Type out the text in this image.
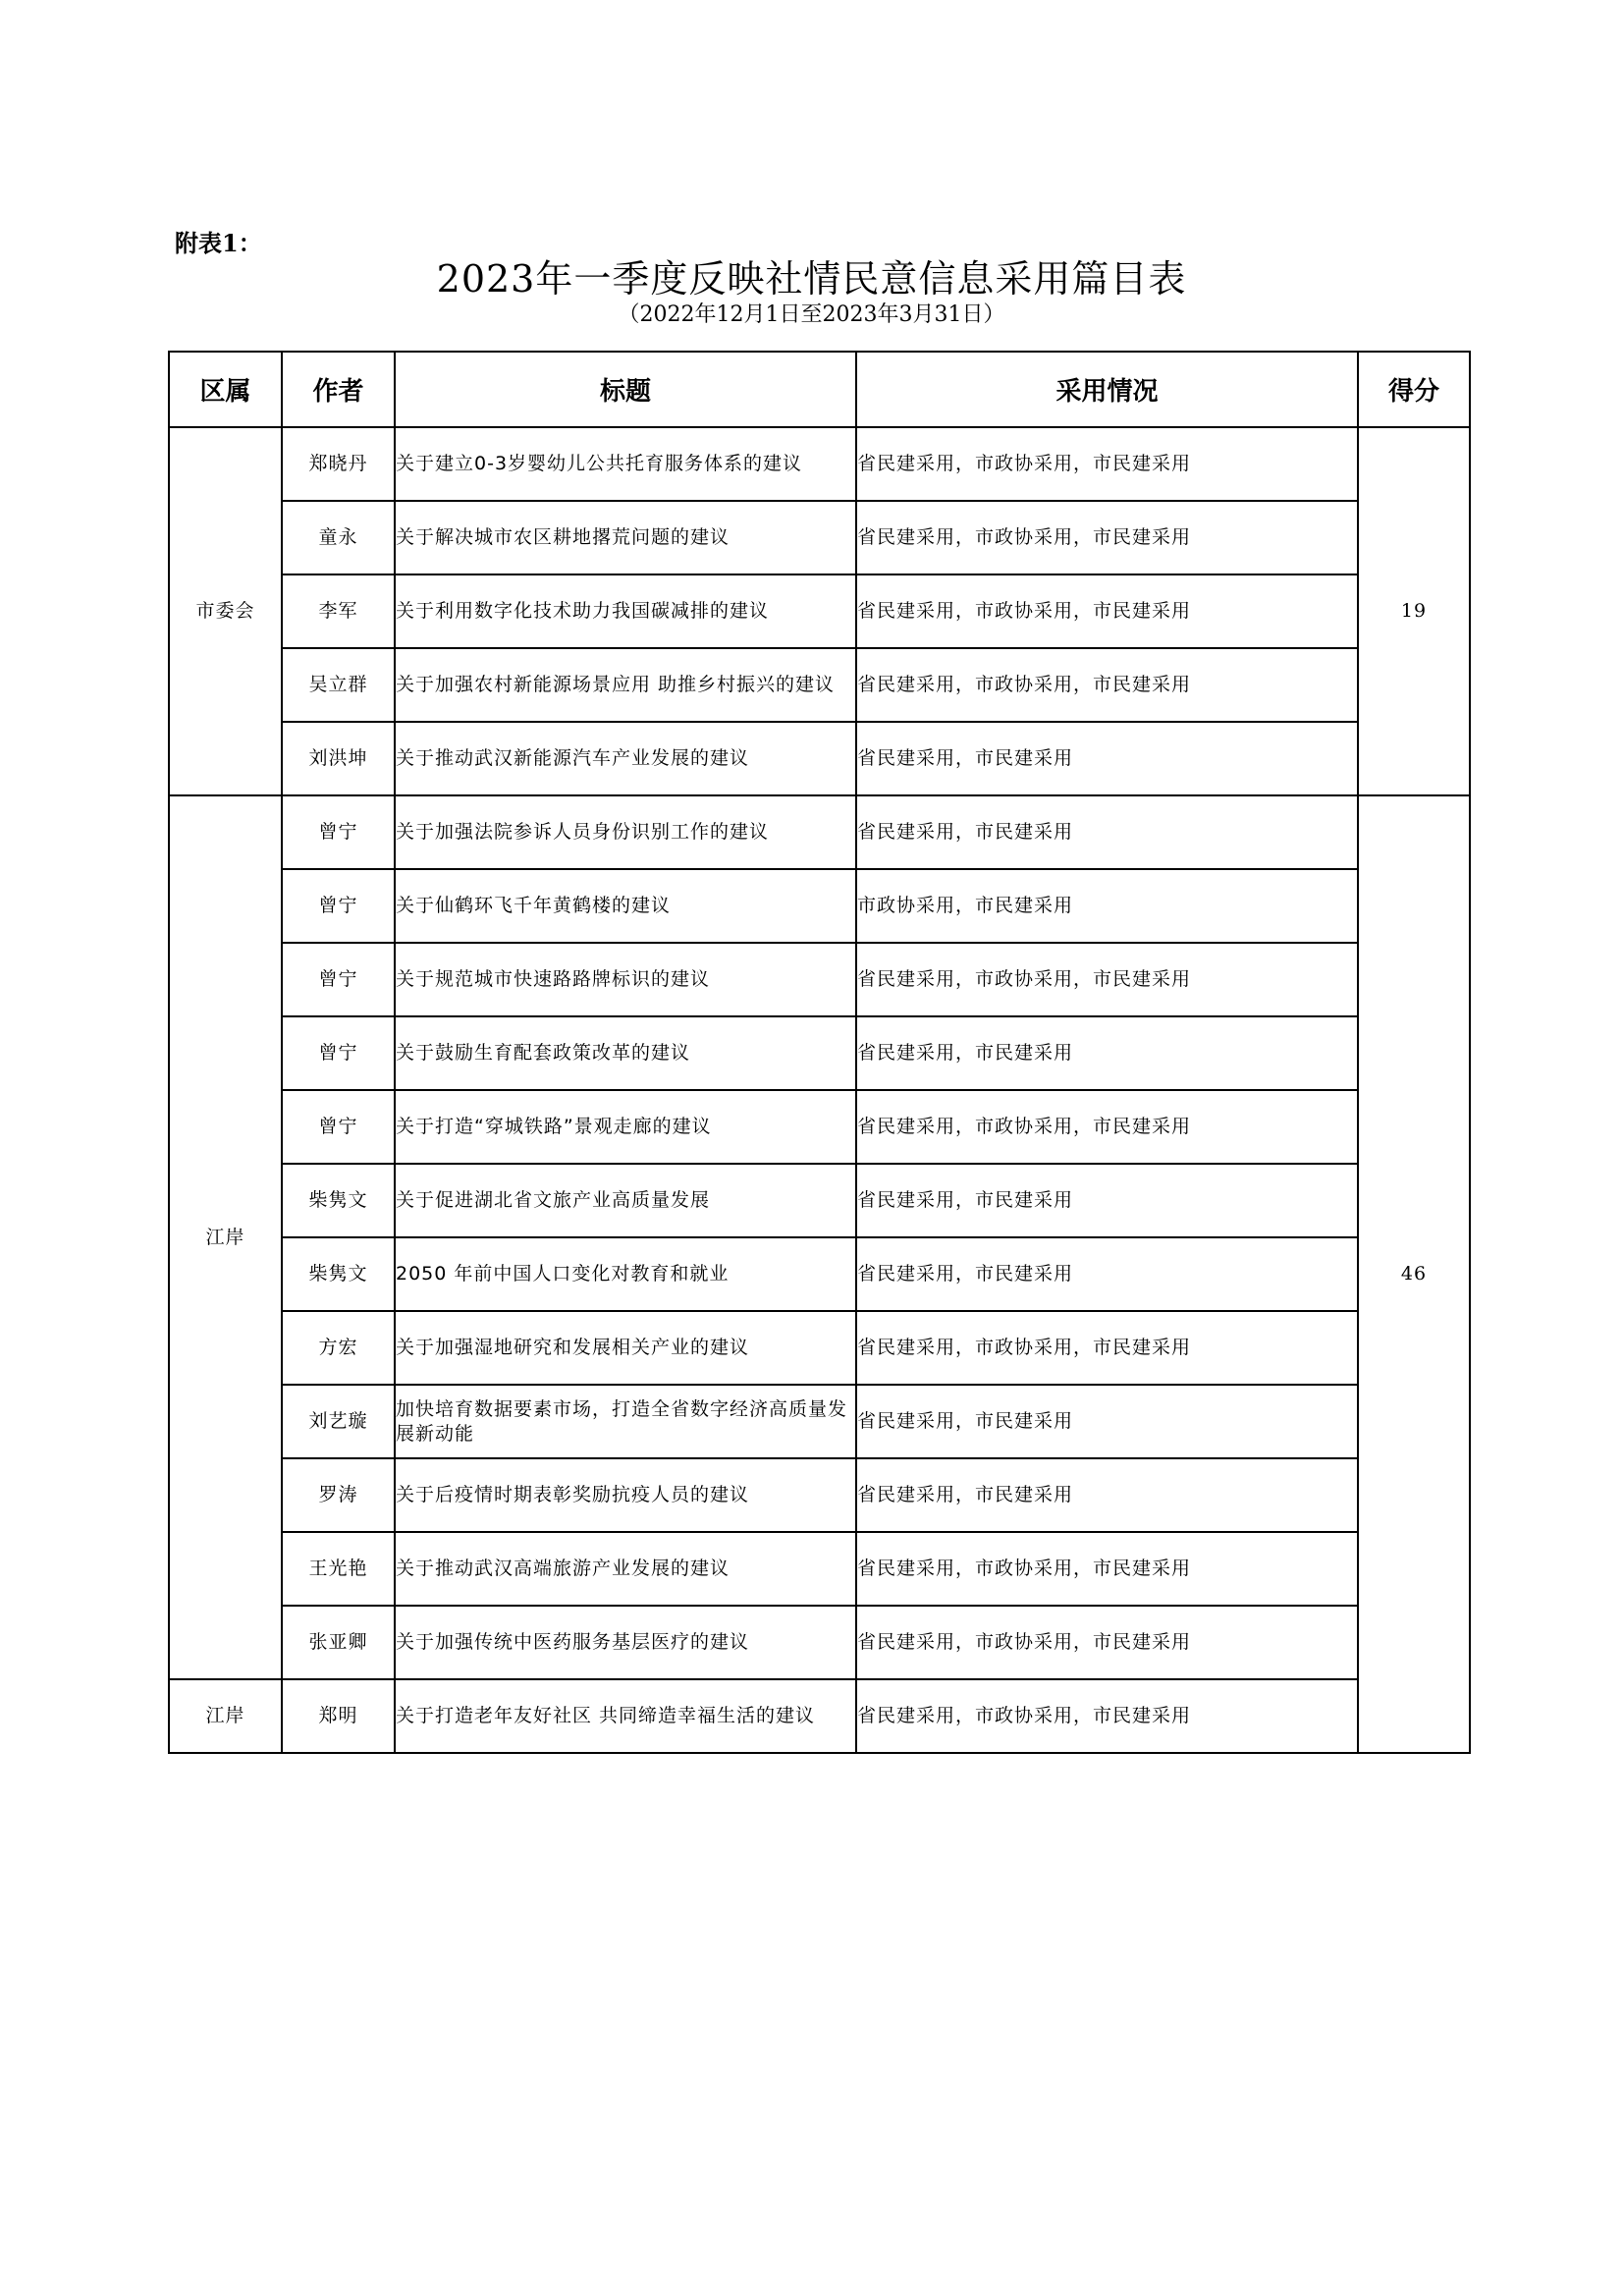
附表1：
2023年一季度反映社情民意信息采用篇目表
（2022年12月1日至2023年3月31日）
区属	作者	标题	采用情况	得分
市委会	郑晓丹	关于建立0-3岁婴幼儿公共托育服务体系的建议	省民建采用，市政协采用，市民建采用	19
	童永	关于解决城市农区耕地撂荒问题的建议	省民建采用，市政协采用，市民建采用	
	李军	关于利用数字化技术助力我国碳减排的建议	省民建采用，市政协采用，市民建采用	
	吴立群	关于加强农村新能源场景应用 助推乡村振兴的建议	省民建采用，市政协采用，市民建采用	
	刘洪坤	关于推动武汉新能源汽车产业发展的建议	省民建采用，市民建采用	
江岸	曾宁	关于加强法院参诉人员身份识别工作的建议	省民建采用，市民建采用	46
	曾宁	关于仙鹤环飞千年黄鹤楼的建议	市政协采用，市民建采用	
	曾宁	关于规范城市快速路路牌标识的建议	省民建采用，市政协采用，市民建采用	
	曾宁	关于鼓励生育配套政策改革的建议	省民建采用，市民建采用	
	曾宁	关于打造“穿城铁路”景观走廊的建议	省民建采用，市政协采用，市民建采用	
	柴隽文	关于促进湖北省文旅产业高质量发展	省民建采用，市民建采用	
	柴隽文	2050 年前中国人口变化对教育和就业	省民建采用，市民建采用	
	方宏	关于加强湿地研究和发展相关产业的建议	省民建采用，市政协采用，市民建采用	
	刘艺璇	加快培育数据要素市场，打造全省数字经济高质量发展新动能	省民建采用，市民建采用	
	罗涛	关于后疫情时期表彰奖励抗疫人员的建议	省民建采用，市民建采用	
	王光艳	关于推动武汉高端旅游产业发展的建议	省民建采用，市政协采用，市民建采用	
	张亚卿	关于加强传统中医药服务基层医疗的建议	省民建采用，市政协采用，市民建采用	
江岸	郑明	关于打造老年友好社区 共同缔造幸福生活的建议	省民建采用，市政协采用，市民建采用	
